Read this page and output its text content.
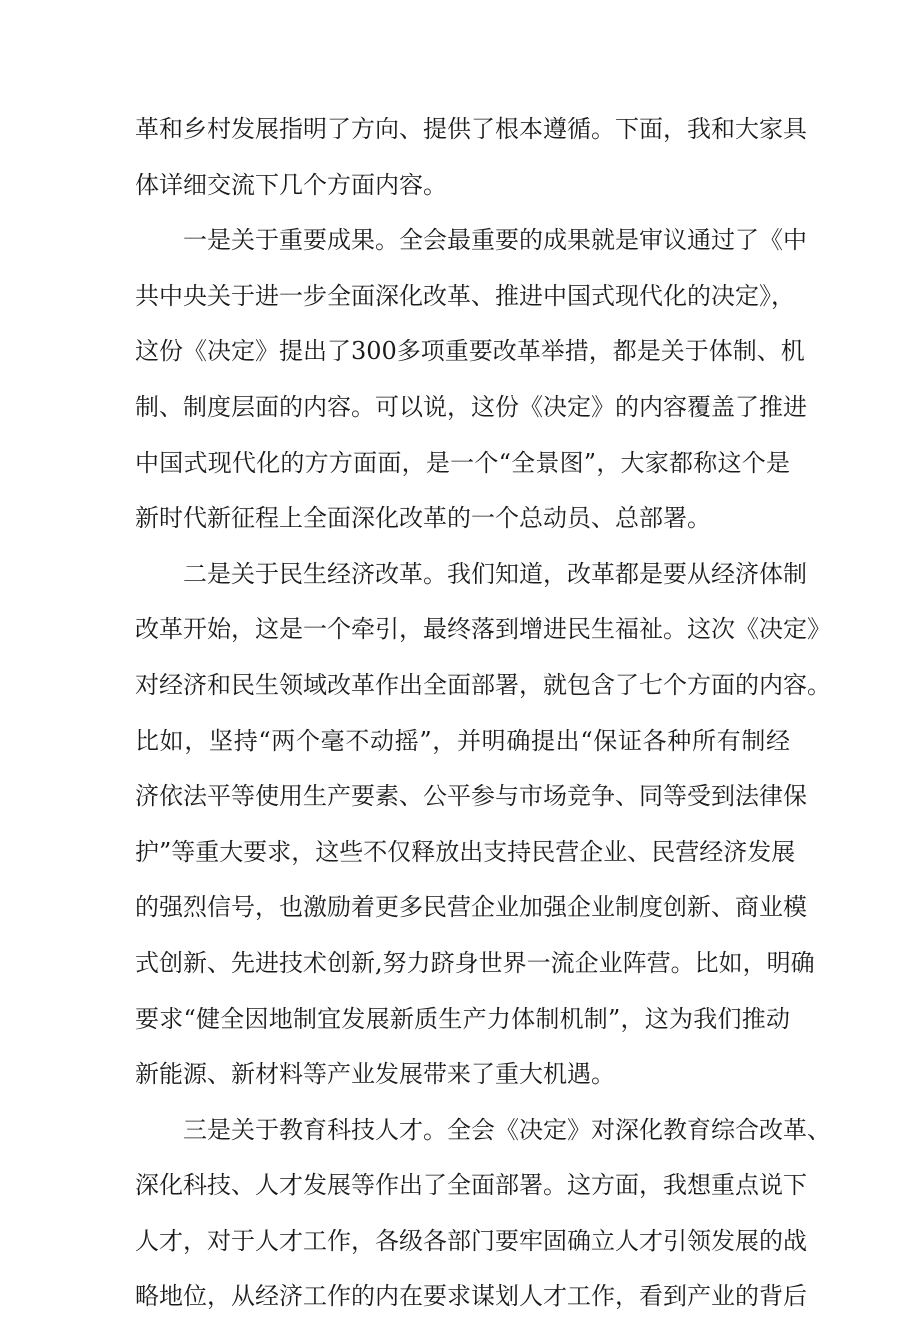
革和乡村发展指明了方向、提供了根本遵循。下面，我和大家具
体详细交流下几个方面内容。
一是关于重要成果。全会最重要的成果就是审议通过了《中
共中央关于进一步全面深化改革、推进中国式现代化的决定》，
这份《决定》提出了300多项重要改革举措，都是关于体制、机
制、制度层面的内容。可以说，这份《决定》的内容覆盖了推进
中国式现代化的方方面面，是一个“全景图”，大家都称这个是
新时代新征程上全面深化改革的一个总动员、总部署。
二是关于民生经济改革。我们知道，改革都是要从经济体制
改革开始，这是一个牵引，最终落到增进民生福祉。这次《决定》
对经济和民生领域改革作出全面部署，就包含了七个方面的内容。
比如，坚持“两个毫不动摇”，并明确提出“保证各种所有制经
济依法平等使用生产要素、公平参与市场竞争、同等受到法律保
护”等重大要求，这些不仅释放出支持民营企业、民营经济发展
的强烈信号，也激励着更多民营企业加强企业制度创新、商业模
式创新、先进技术创新,努力跻身世界一流企业阵营。比如，明确
要求“健全因地制宜发展新质生产力体制机制”，这为我们推动
新能源、新材料等产业发展带来了重大机遇。
三是关于教育科技人才。全会《决定》对深化教育综合改革、
深化科技、人才发展等作出了全面部署。这方面，我想重点说下
人才，对于人才工作，各级各部门要牢固确立人才引领发展的战
略地位，从经济工作的内在要求谋划人才工作，看到产业的背后
